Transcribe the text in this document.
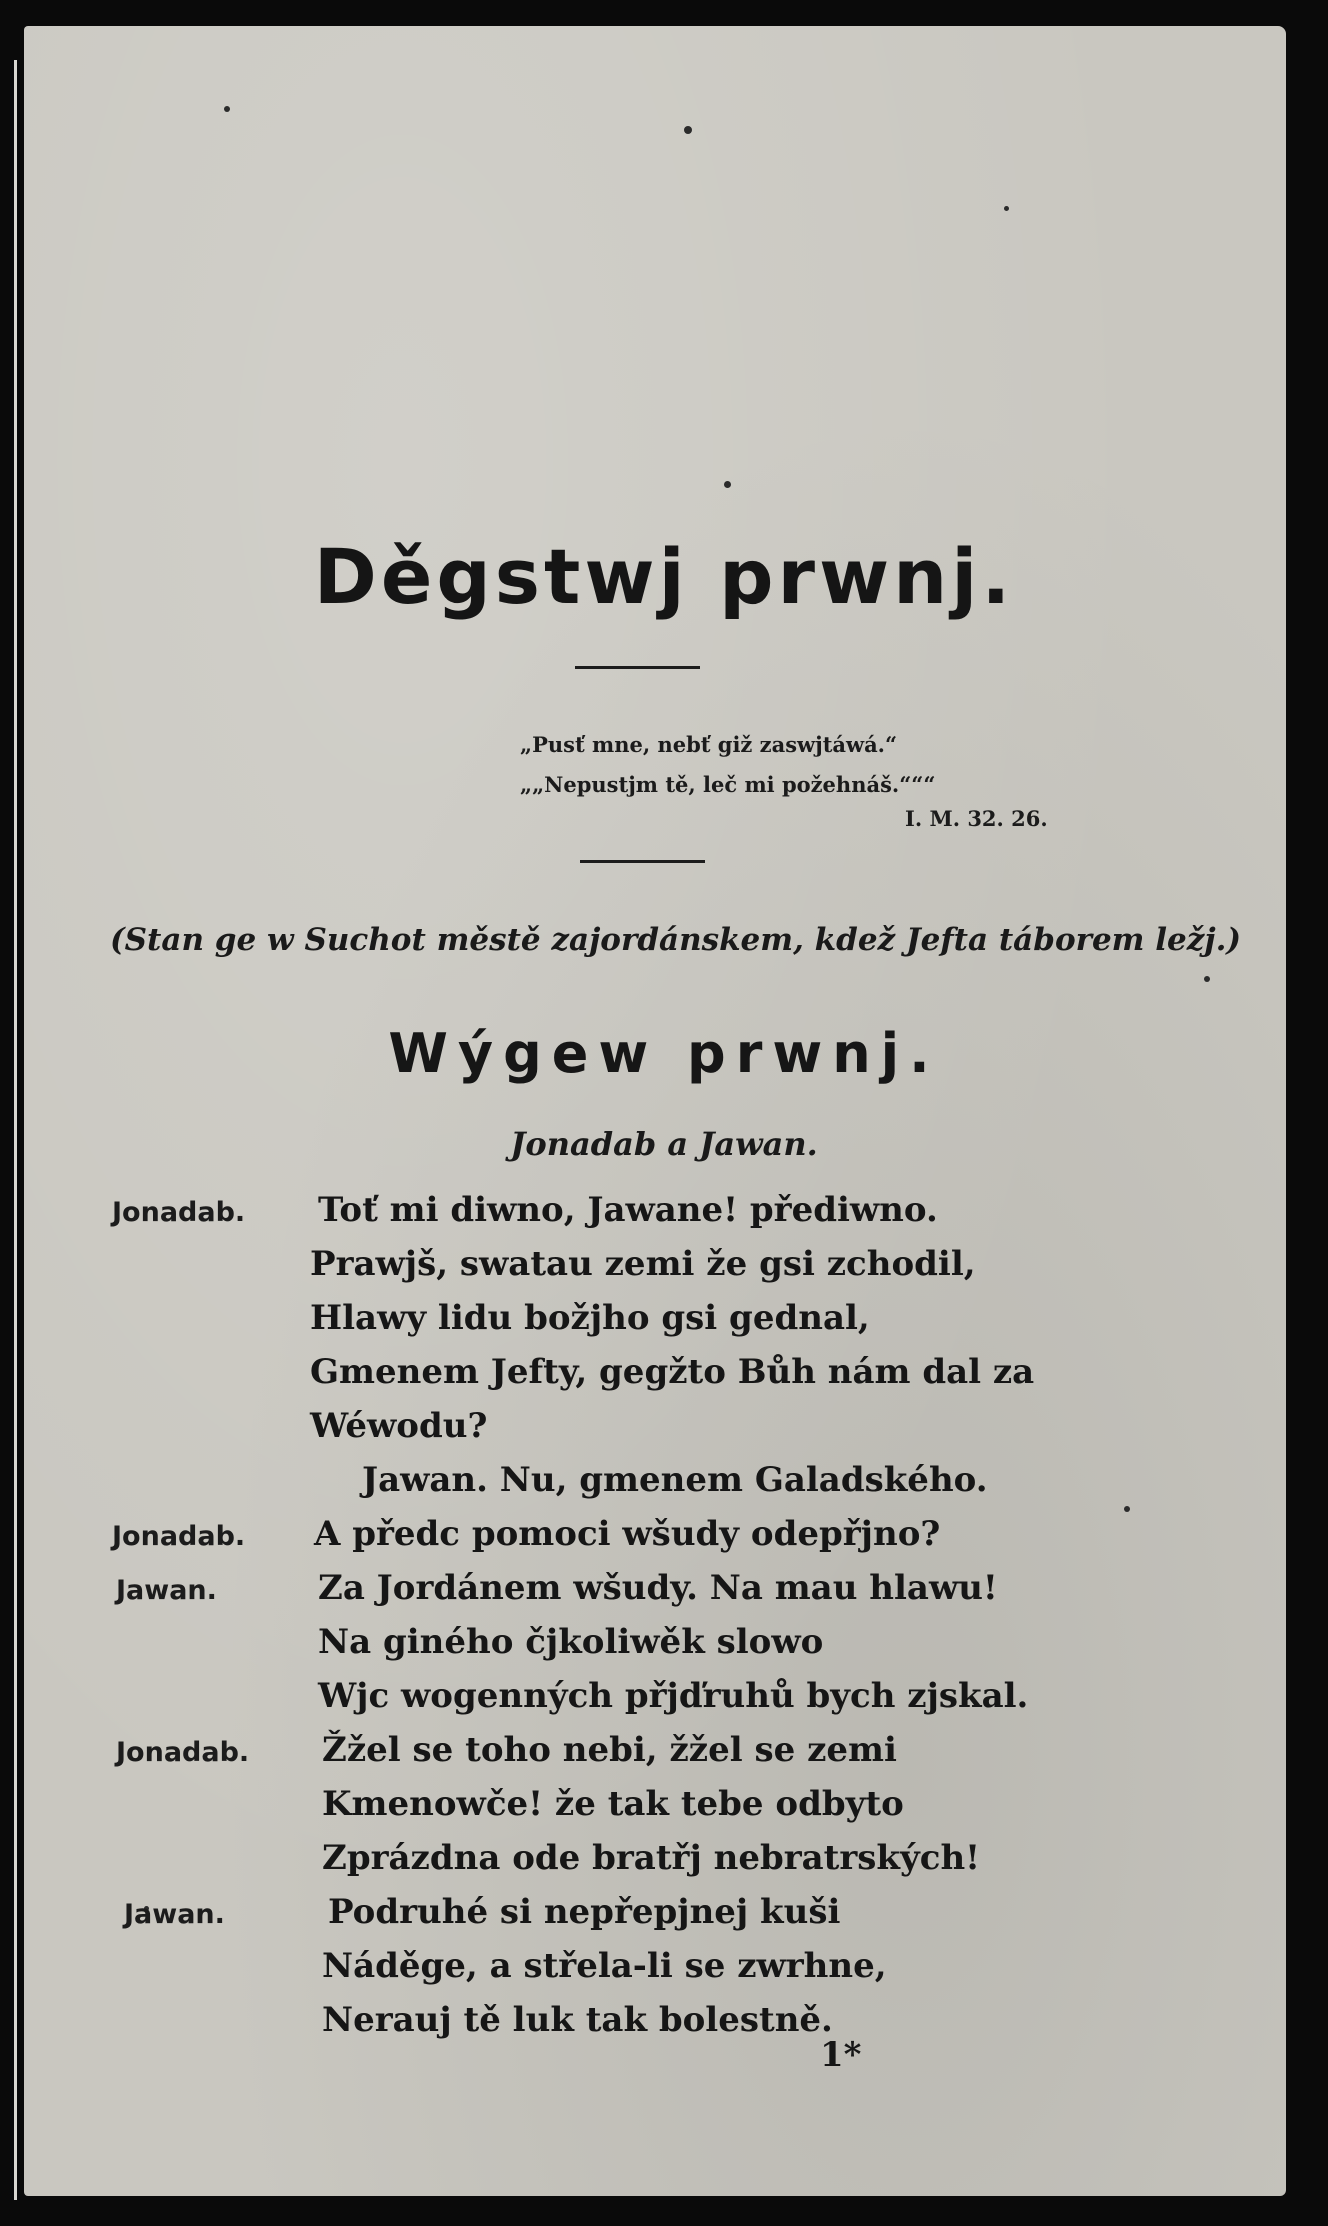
Děgstwj prwnj.
„Pusť mne, nebť giž zaswjtáwá.“
„„Nepustjm tě, leč mi požehnáš.“““
I. M. 32. 26.
(Stan ge w Suchot městě zajordánskem, kdež Jefta táborem ležj.)
Wýgew prwnj.
Jonadab a Jawan.
Jonadab. Toť mi diwno, Jawane! přediwno.
Prawjš, swatau zemi že gsi zchodil,
Hlawy lidu božjho gsi gednal,
Gmenem Jefty, gegžto Bůh nám dal za
Wéwodu?
Jawan. Nu, gmenem Galadského.
Jonadab. A předc pomoci wšudy odepřjno?
Jawan.	Za Jordánem wšudy. Na mau hlawu!
Na giného čjkoliwěk slowo
Wjc wogenných přjďruhů bych zjskal.
Jonadab. Žžel se toho nebi, žžel se zemi
Kmenowče! že tak tebe odbyto
Zprázdna ode bratřj nebratrských!
Jawan.	Podruhé si nepřepjnej kuši
Náděge, a střela-li se zwrhne,
Nerauj tě luk tak bolestně.
1*
